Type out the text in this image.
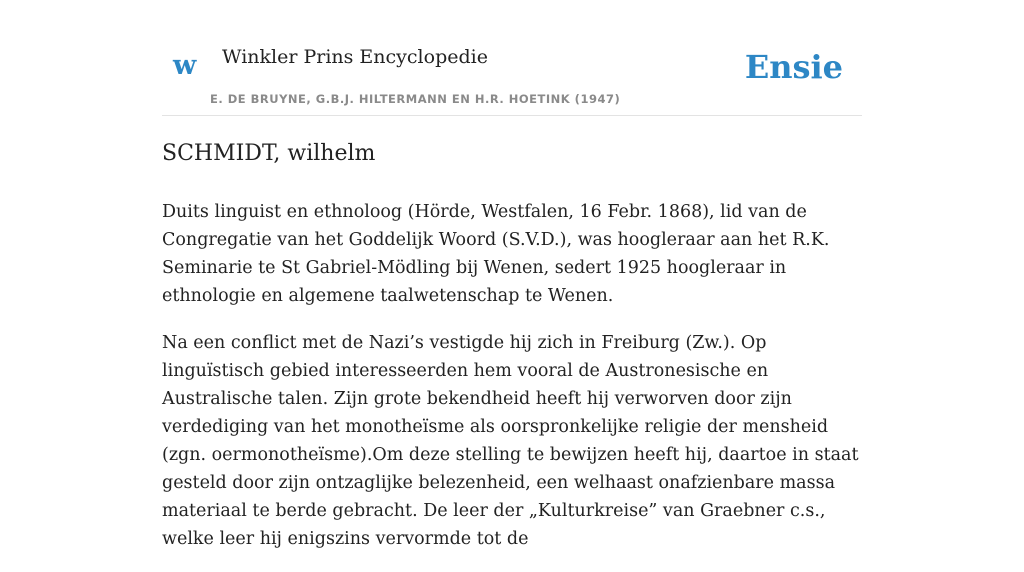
w Winkler Prins Encyclopedie
E. DE BRUYNE, G.B.J. HILTERMANN EN H.R. HOETINK (1947)
Ensie
SCHMIDT, wilhelm

Duits linguist en ethnoloog (Hörde, Westfalen, 16 Febr. 1868), lid van de Congregatie van het Goddelijk Woord (S.V.D.), was hoogleraar aan het R.K. Seminarie te St Gabriel-Mödling bij Wenen, sedert 1925 hoogleraar in ethnologie en algemene taalwetenschap te Wenen.

Na een conflict met de Nazi’s vestigde hij zich in Freiburg (Zw.). Op linguïstisch gebied interesseerden hem vooral de Austronesische en Australische talen. Zijn grote bekendheid heeft hij verworven door zijn verdediging van het monotheïsme als oorspronkelijke religie der mensheid (zgn. oermonotheïsme).Om deze stelling te bewijzen heeft hij, daartoe in staat gesteld door zijn ontzaglijke belezenheid, een welhaast onafzienbare massa materiaal te berde gebracht. De leer der „Kulturkreise” van Graebner c.s., welke leer hij enigszins vervormde tot de
